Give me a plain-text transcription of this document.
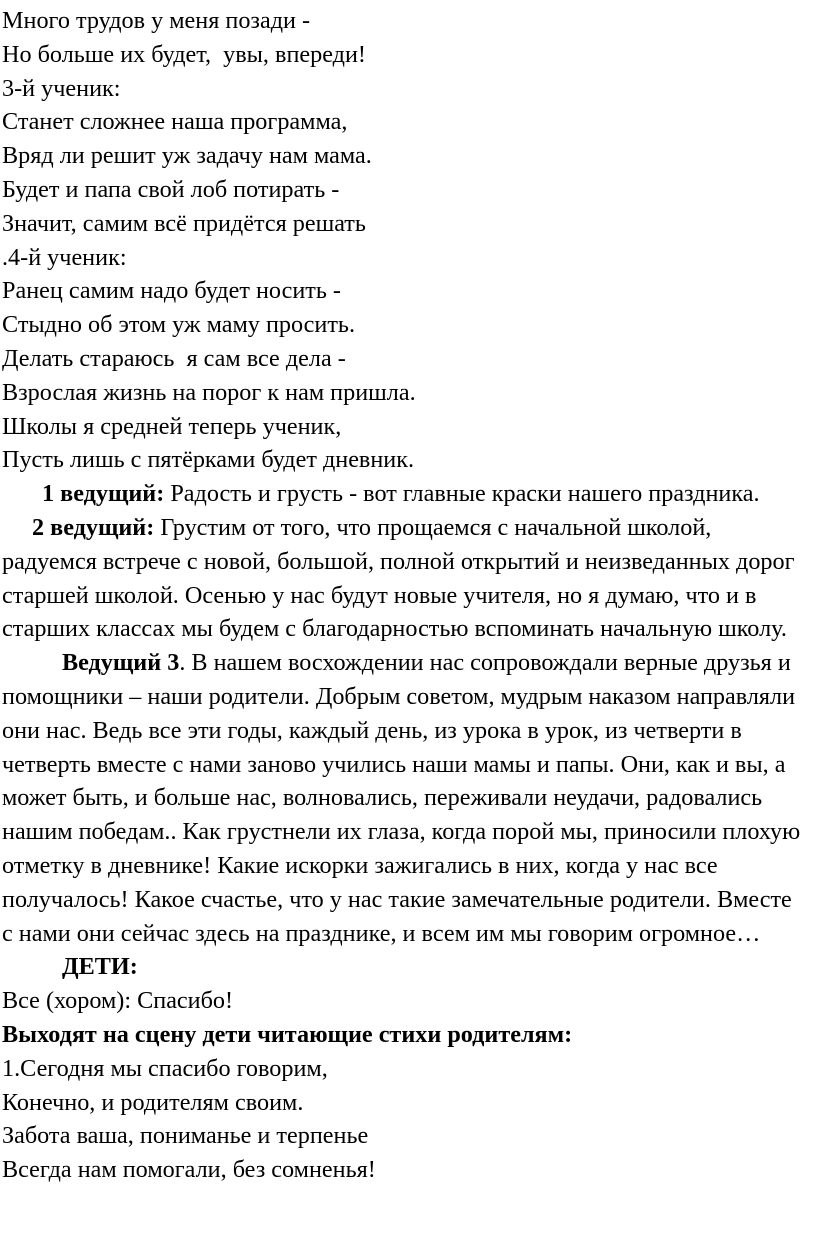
Много трудов у меня позади -

Но больше их будет,  увы, впереди!

3-й ученик:

Станет сложнее наша программа,

Вряд ли решит уж задачу нам мама.

Будет и папа свой лоб потирать -

Значит, самим всё придётся решать

.4-й ученик:

Ранец самим надо будет носить -

Стыдно об этом уж маму просить.

Делать стараюсь  я сам все дела -

Взрослая жизнь на порог к нам пришла.

Школы я средней теперь ученик,

Пусть лишь с пятёрками будет дневник.

1 ведущий: Радость и грусть - вот главные краски нашего праздника.

2 ведущий: Грустим от того, что прощаемся с начальной школой, радуемся встрече с новой, большой, полной открытий и неизведанных дорог старшей школой. Осенью у нас будут новые учителя, но я думаю, что и в старших классах мы будем с благодарностью вспоминать начальную школу.

Ведущий 3. В нашем восхождении нас сопровождали верные друзья и помощники – наши родители. Добрым советом, мудрым наказом направляли они нас. Ведь все эти годы, каждый день, из урока в урок, из четверти в четверть вместе с нами заново учились наши мамы и папы. Они, как и вы, а может быть, и больше нас, волновались, переживали неудачи, радовались нашим победам.. Как грустнели их глаза, когда порой мы, приносили плохую отметку в дневнике! Какие искорки зажигались в них, когда у нас все получалось! Какое счастье, что у нас такие замечательные родители. Вместе с нами они сейчас здесь на празднике, и всем им мы говорим огромное…

ДЕТИ:

Все (хором): Спасибо!

Выходят на сцену дети читающие стихи родителям:

1.Сегодня мы спасибо говорим,

Конечно, и родителям своим.

Забота ваша, пониманье и терпенье

Всегда нам помогали, без сомненья!
